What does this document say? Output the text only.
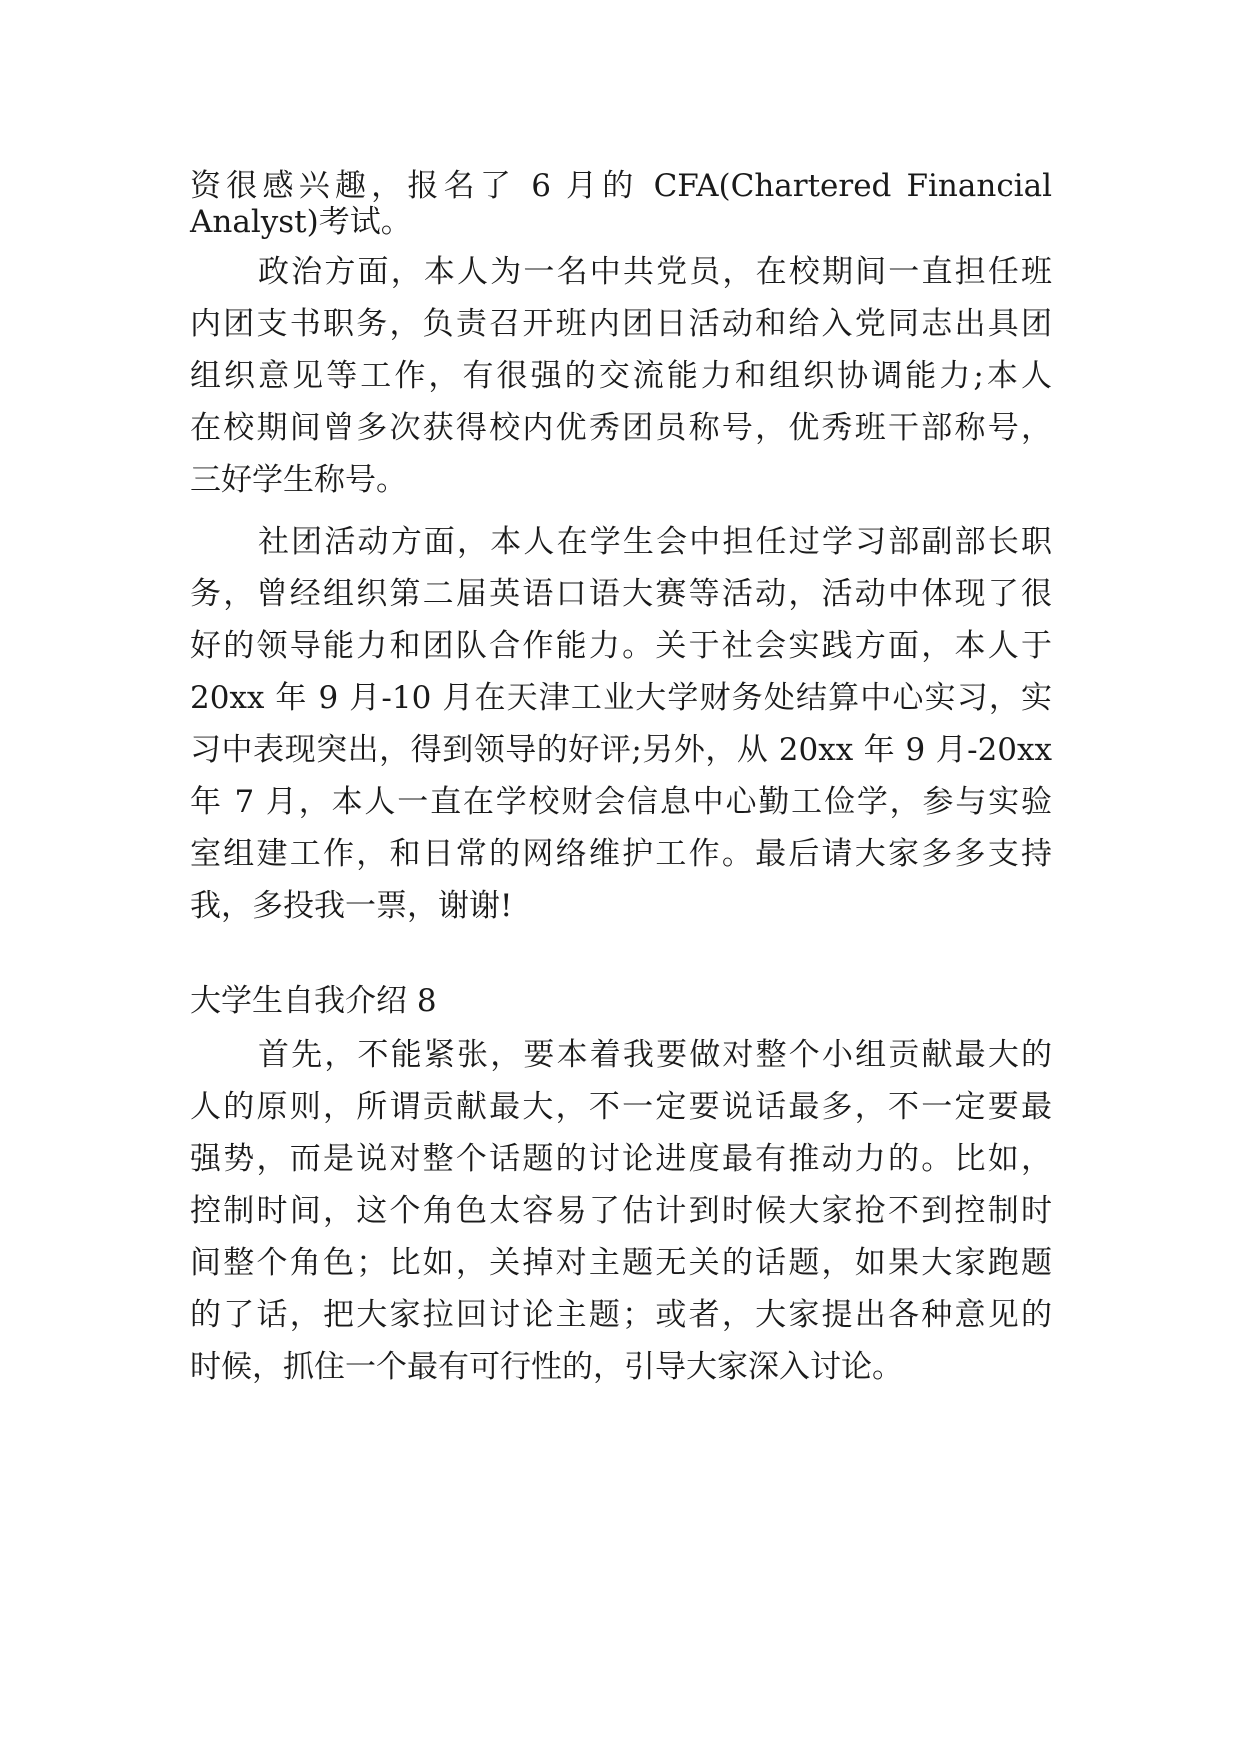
资很感兴趣，报名了 6 月的 CFA(Chartered Financial
Analyst)考试。
政治方面，本人为一名中共党员，在校期间一直担任班
内团支书职务，负责召开班内团日活动和给入党同志出具团
组织意见等工作，有很强的交流能力和组织协调能力;本人
在校期间曾多次获得校内优秀团员称号，优秀班干部称号，
三好学生称号。
社团活动方面，本人在学生会中担任过学习部副部长职
务，曾经组织第二届英语口语大赛等活动，活动中体现了很
好的领导能力和团队合作能力。关于社会实践方面，本人于
20xx 年 9 月-10 月在天津工业大学财务处结算中心实习，实
习中表现突出，得到领导的好评;另外，从 20xx 年 9 月-20xx
年 7 月，本人一直在学校财会信息中心勤工俭学，参与实验
室组建工作，和日常的网络维护工作。最后请大家多多支持
我，多投我一票，谢谢!
大学生自我介绍 8
首先，不能紧张，要本着我要做对整个小组贡献最大的
人的原则，所谓贡献最大，不一定要说话最多，不一定要最
强势，而是说对整个话题的讨论进度最有推动力的。比如，
控制时间，这个角色太容易了估计到时候大家抢不到控制时
间整个角色；比如，关掉对主题无关的话题，如果大家跑题
的了话，把大家拉回讨论主题；或者，大家提出各种意见的
时候，抓住一个最有可行性的，引导大家深入讨论。
